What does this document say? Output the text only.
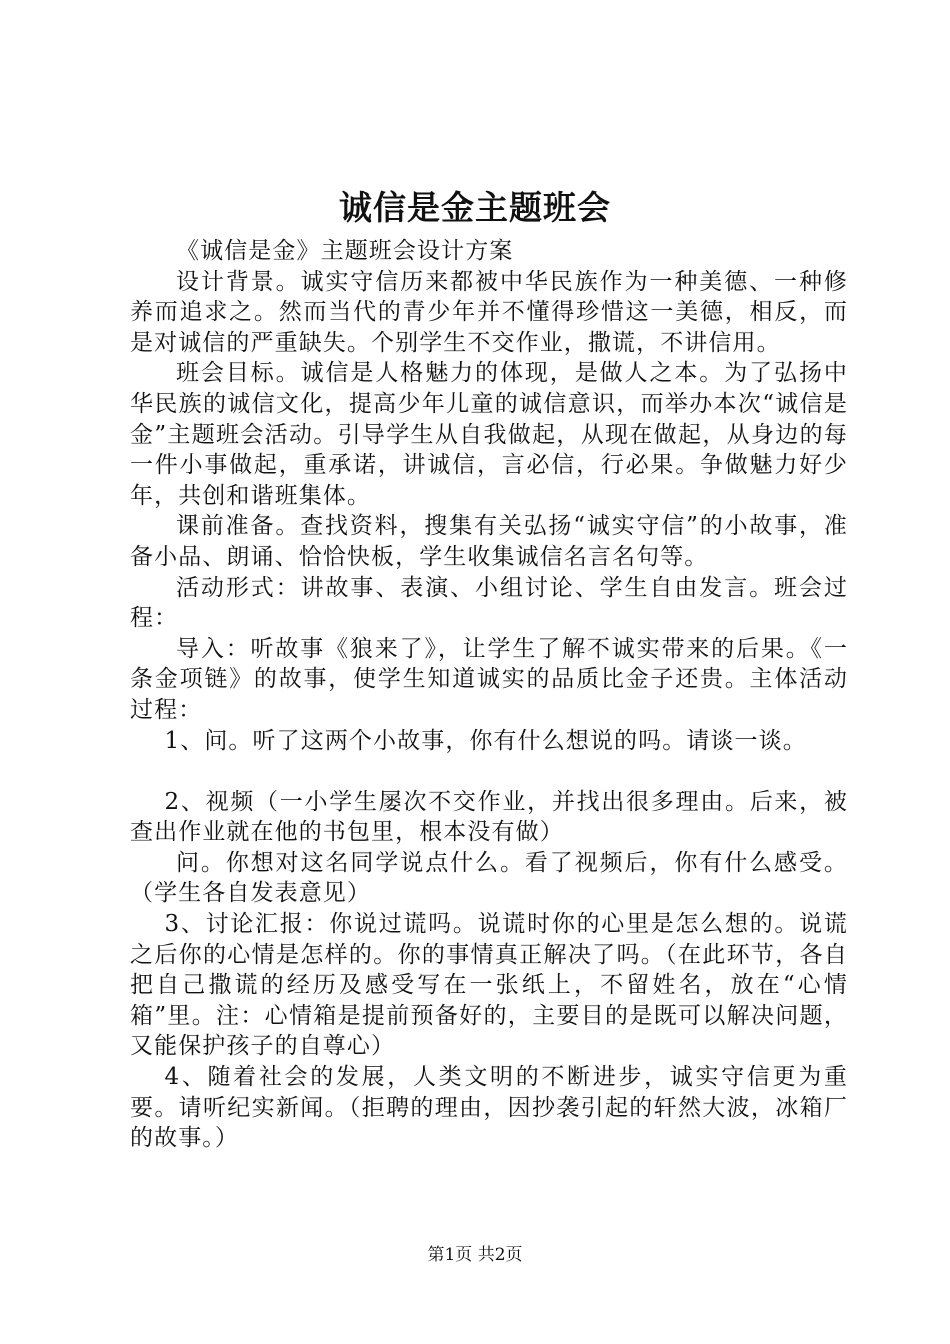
诚信是金主题班会

《诚信是金》主题班会设计方案

设计背景。诚实守信历来都被中华民族作为一种美德、一种修养而追求之。然而当代的青少年并不懂得珍惜这一美德，相反，而是对诚信的严重缺失。个别学生不交作业，撒谎，不讲信用。

班会目标。诚信是人格魅力的体现，是做人之本。为了弘扬中华民族的诚信文化，提高少年儿童的诚信意识，而举办本次“诚信是金”主题班会活动。引导学生从自我做起，从现在做起，从身边的每一件小事做起，重承诺，讲诚信，言必信，行必果。争做魅力好少年，共创和谐班集体。

课前准备。查找资料，搜集有关弘扬“诚实守信”的小故事，准备小品、朗诵、恰恰快板，学生收集诚信名言名句等。

活动形式：讲故事、表演、小组讨论、学生自由发言。班会过程：

导入：听故事《狼来了》，让学生了解不诚实带来的后果。《一条金项链》的故事，使学生知道诚实的品质比金子还贵。主体活动过程：

1、问。听了这两个小故事，你有什么想说的吗。请谈一谈。

2、视频（一小学生屡次不交作业，并找出很多理由。后来，被查出作业就在他的书包里，根本没有做）

问。你想对这名同学说点什么。看了视频后，你有什么感受。（学生各自发表意见）

3、讨论汇报：你说过谎吗。说谎时你的心里是怎么想的。说谎之后你的心情是怎样的。你的事情真正解决了吗。（在此环节，各自把自己撒谎的经历及感受写在一张纸上，不留姓名，放在“心情箱”里。注：心情箱是提前预备好的，主要目的是既可以解决问题，又能保护孩子的自尊心）

4、随着社会的发展，人类文明的不断进步，诚实守信更为重要。请听纪实新闻。（拒聘的理由，因抄袭引起的轩然大波，冰箱厂的故事。）

第1页 共2页
